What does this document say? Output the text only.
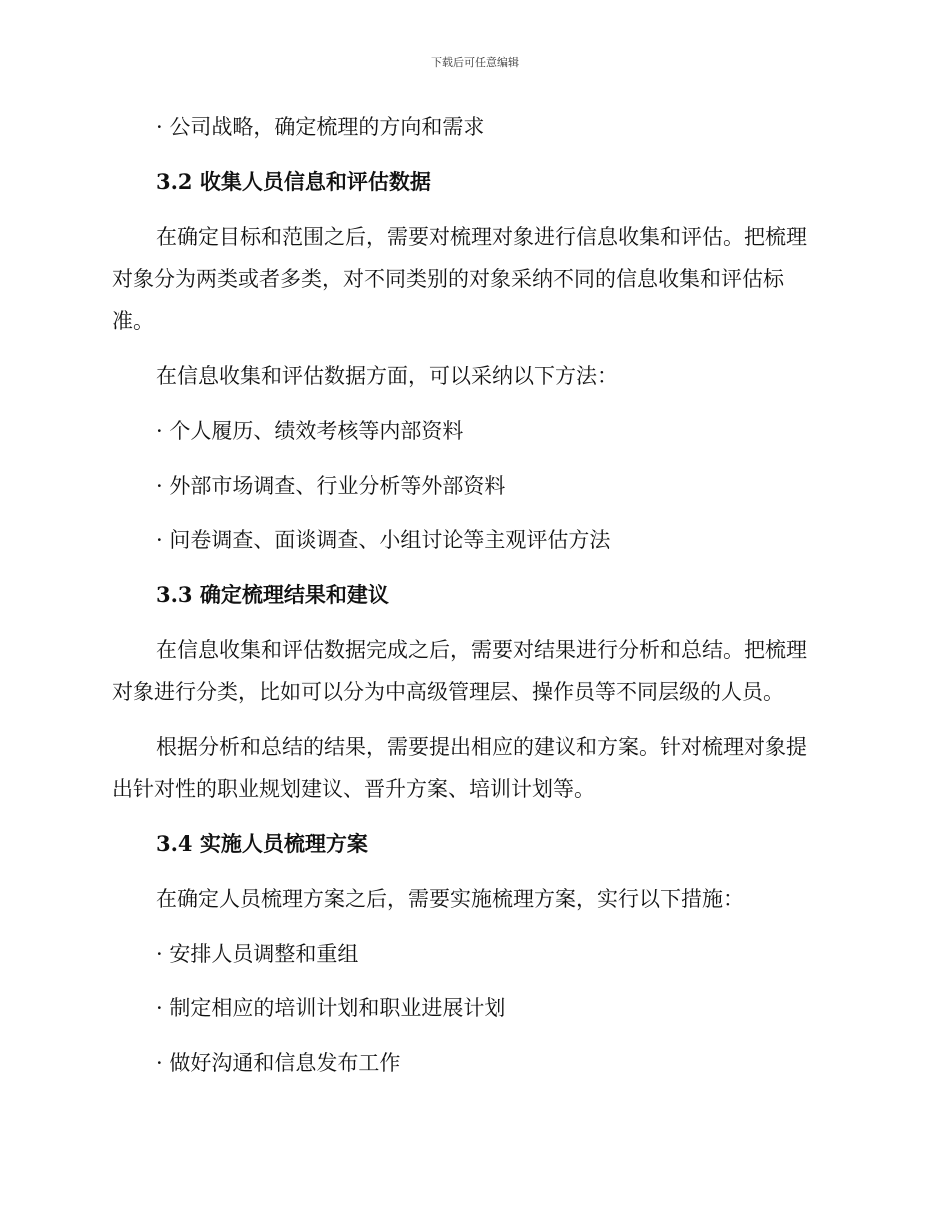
下载后可任意编辑
· 公司战略，确定梳理的方向和需求
3.2 收集人员信息和评估数据
在确定目标和范围之后，需要对梳理对象进行信息收集和评估。把梳理
对象分为两类或者多类，对不同类别的对象采纳不同的信息收集和评估标
准。
在信息收集和评估数据方面，可以采纳以下方法：
· 个人履历、绩效考核等内部资料
· 外部市场调查、行业分析等外部资料
· 问卷调查、面谈调查、小组讨论等主观评估方法
3.3 确定梳理结果和建议
在信息收集和评估数据完成之后，需要对结果进行分析和总结。把梳理
对象进行分类，比如可以分为中高级管理层、操作员等不同层级的人员。
根据分析和总结的结果，需要提出相应的建议和方案。针对梳理对象提
出针对性的职业规划建议、晋升方案、培训计划等。
3.4 实施人员梳理方案
在确定人员梳理方案之后，需要实施梳理方案，实行以下措施：
· 安排人员调整和重组
· 制定相应的培训计划和职业进展计划
· 做好沟通和信息发布工作
